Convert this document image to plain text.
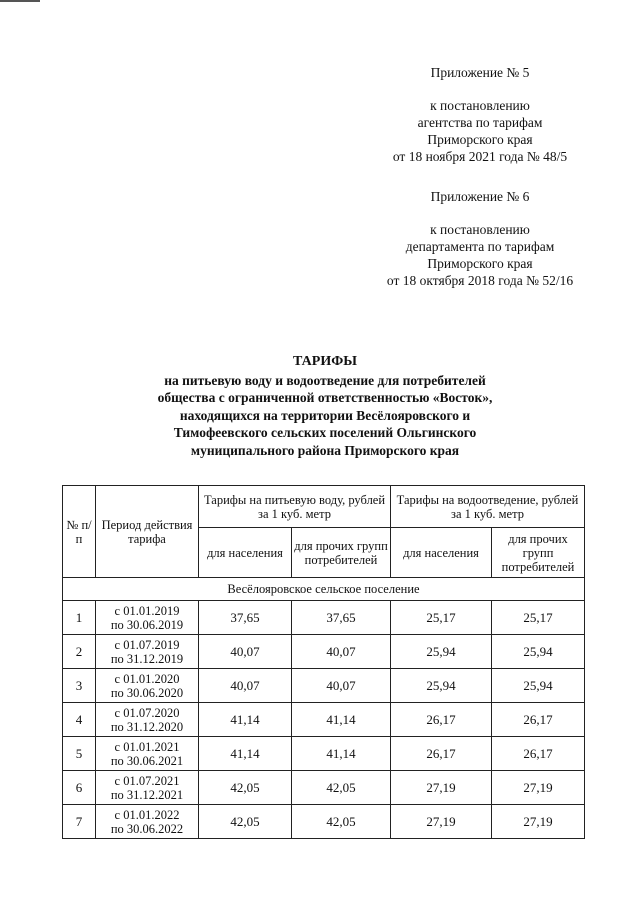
Приложение № 5
к постановлению
агентства по тарифам
Приморского края
от 18 ноября 2021 года № 48/5
Приложение № 6
к постановлению
департамента по тарифам
Приморского края
от 18 октября 2018 года № 52/16
ТАРИФЫ
на питьевую воду и водоотведение для потребителей
общества с ограниченной ответственностью «Восток»,
находящихся на территории Весёлояровского и
Тимофеевского сельских поселений Ольгинского
муниципального района Приморского края
№ п/п	Период действия тарифа	Тарифы на питьевую воду, рублей за 1 куб. метр		Тарифы на водоотведение, рублей за 1 куб. метр	
		для населения	для прочих групп потребителей	для населения	для прочих групп потребителей
Весёлояровское сельское поселение					
1	с 01.01.2019
по 30.06.2019	37,65	37,65	25,17	25,17
2	с 01.07.2019
по 31.12.2019	40,07	40,07	25,94	25,94
3	с 01.01.2020
по 30.06.2020	40,07	40,07	25,94	25,94
4	с 01.07.2020
по 31.12.2020	41,14	41,14	26,17	26,17
5	с 01.01.2021
по 30.06.2021	41,14	41,14	26,17	26,17
6	с 01.07.2021
по 31.12.2021	42,05	42,05	27,19	27,19
7	с 01.01.2022
по 30.06.2022	42,05	42,05	27,19	27,19
